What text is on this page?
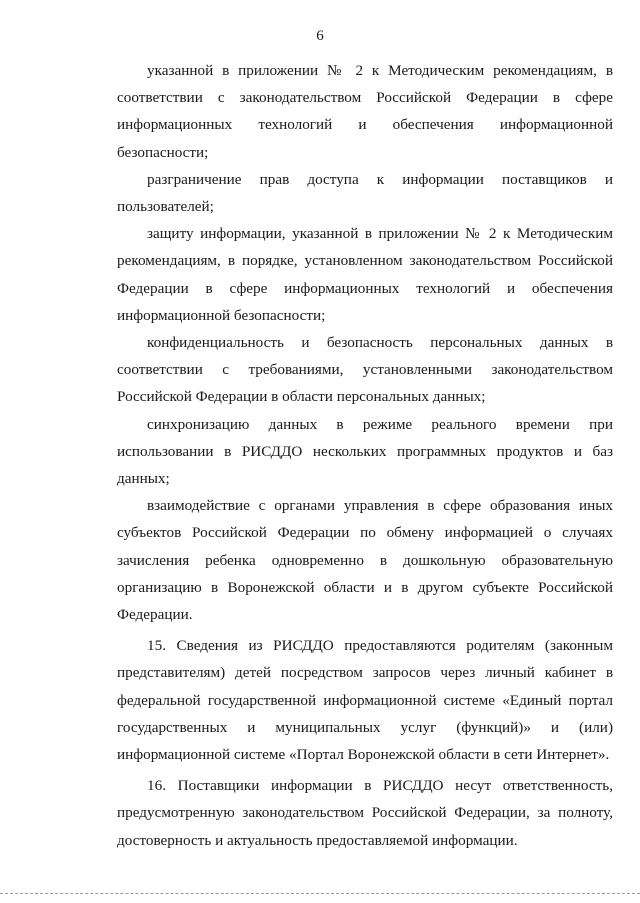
6

указанной в приложении № 2 к Методическим рекомендациям, в соответствии с законодательством Российской Федерации в сфере информационных технологий и обеспечения информационной безопасности;

разграничение прав доступа к информации поставщиков и пользователей;

защиту информации, указанной в приложении № 2 к Методическим рекомендациям, в порядке, установленном законодательством Российской Федерации в сфере информационных технологий и обеспечения информационной безопасности;

конфиденциальность и безопасность персональных данных в соответствии с требованиями, установленными законодательством Российской Федерации в области персональных данных;

синхронизацию данных в режиме реального времени при использовании в РИСДДО нескольких программных продуктов и баз данных;

взаимодействие с органами управления в сфере образования иных субъектов Российской Федерации по обмену информацией о случаях зачисления ребенка одновременно в дошкольную образовательную организацию в Воронежской области и в другом субъекте Российской Федерации.

15. Сведения из РИСДДО предоставляются родителям (законным представителям) детей посредством запросов через личный кабинет в федеральной государственной информационной системе «Единый портал государственных и муниципальных услуг (функций)» и (или) информационной системе «Портал Воронежской области в сети Интернет».

16. Поставщики информации в РИСДДО несут ответственность, предусмотренную законодательством Российской Федерации, за полноту, достоверность и актуальность предоставляемой информации.
